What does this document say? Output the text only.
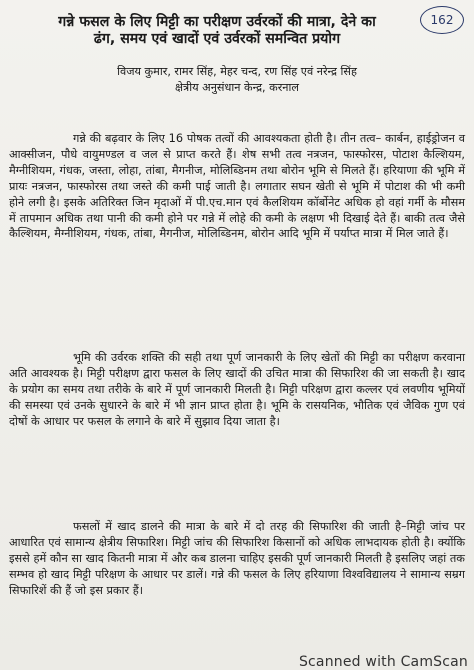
162
गन्ने फसल के लिए मिट्टी का परीक्षण उर्वरकों की मात्रा, देने का
ढंग, समय एवं खादों एवं उर्वरकों समन्वित प्रयोग
विजय कुमार, रामर सिंह, मेहर चन्द, रण सिंह एवं नरेन्द्र सिंह
क्षेत्रीय अनुसंधान केन्द्र, करनाल
गन्ने की बढ़वार के लिए 16 पोषक तत्वों की आवश्यकता होती है। तीन तत्व– कार्बन, हाईड्रोजन व आक्सीजन, पौधे वायुमण्डल व जल से प्राप्त करते हैं। शेष सभी तत्व नत्रजन, फास्फोरस, पोटाश कैल्शियम, मैग्नीशियम, गंधक, जस्ता, लोहा, तांबा, मैगनीज, मोलिब्डिनम तथा बोरोन भूमि से मिलते हैं। हरियाणा की भूमि में प्रायः नत्रजन, फास्फोरस तथा जस्ते की कमी पाई जाती है। लगातार सघन खेती से भूमि में पोटाश की भी कमी होने लगी है। इसके अतिरिक्त जिन मृदाओं में पी.एच.मान एवं कैलशियम कॉर्बोनेट अधिक हो वहां गर्मी के मौसम में तापमान अधिक तथा पानी की कमी होने पर गन्ने में लोहे की कमी के लक्षण भी दिखाई देते हैं। बाकी तत्व जैसे कैल्शियम, मैग्नीशियम, गंधक, तांबा, मैगनीज, मोलिब्डिनम, बोरोन आदि भूमि में पर्याप्त मात्रा में मिल जाते हैं।
भूमि की उर्वरक शक्ति की सही तथा पूर्ण जानकारी के लिए खेतों की मिट्टी का परीक्षण करवाना अति आवश्यक है। मिट्टी परीक्षण द्वारा फसल के लिए खादों की उचित मात्रा की सिफारिश की जा सकती है। खाद के प्रयोग का समय तथा तरीके के बारे में पूर्ण जानकारी मिलती है। मिट्टी परिक्षण द्वारा कल्लर एवं लवणीय भूमियों की समस्या एवं उनके सुधारने के बारे में भी ज्ञान प्राप्त होता है। भूमि के रासयनिक, भौतिक एवं जैविक गुण एवं दोषों के आधार पर फसल के लगाने के बारे में सुझाव दिया जाता है।
फसलों में खाद डालने की मात्रा के बारे में दो तरह की सिफारिश की जाती है–मिट्टी जांच पर आधारित एवं सामान्य क्षेत्रीय सिफारिश। मिट्टी जांच की सिफारिश किसानों को अधिक लाभदायक होती है। क्योंकि इससे हमें कौन सा खाद कितनी मात्रा में और कब डालना चाहिए इसकी पूर्ण जानकारी मिलती है इसलिए जहां तक सम्भव हो खाद मिट्टी परिक्षण के आधार पर डालें। गन्ने की फसल के लिए हरियाणा विश्वविद्यालय ने सामान्य सम्रग सिफारिशें की हैं जो इस प्रकार हैं।
Scanned with CamScan
